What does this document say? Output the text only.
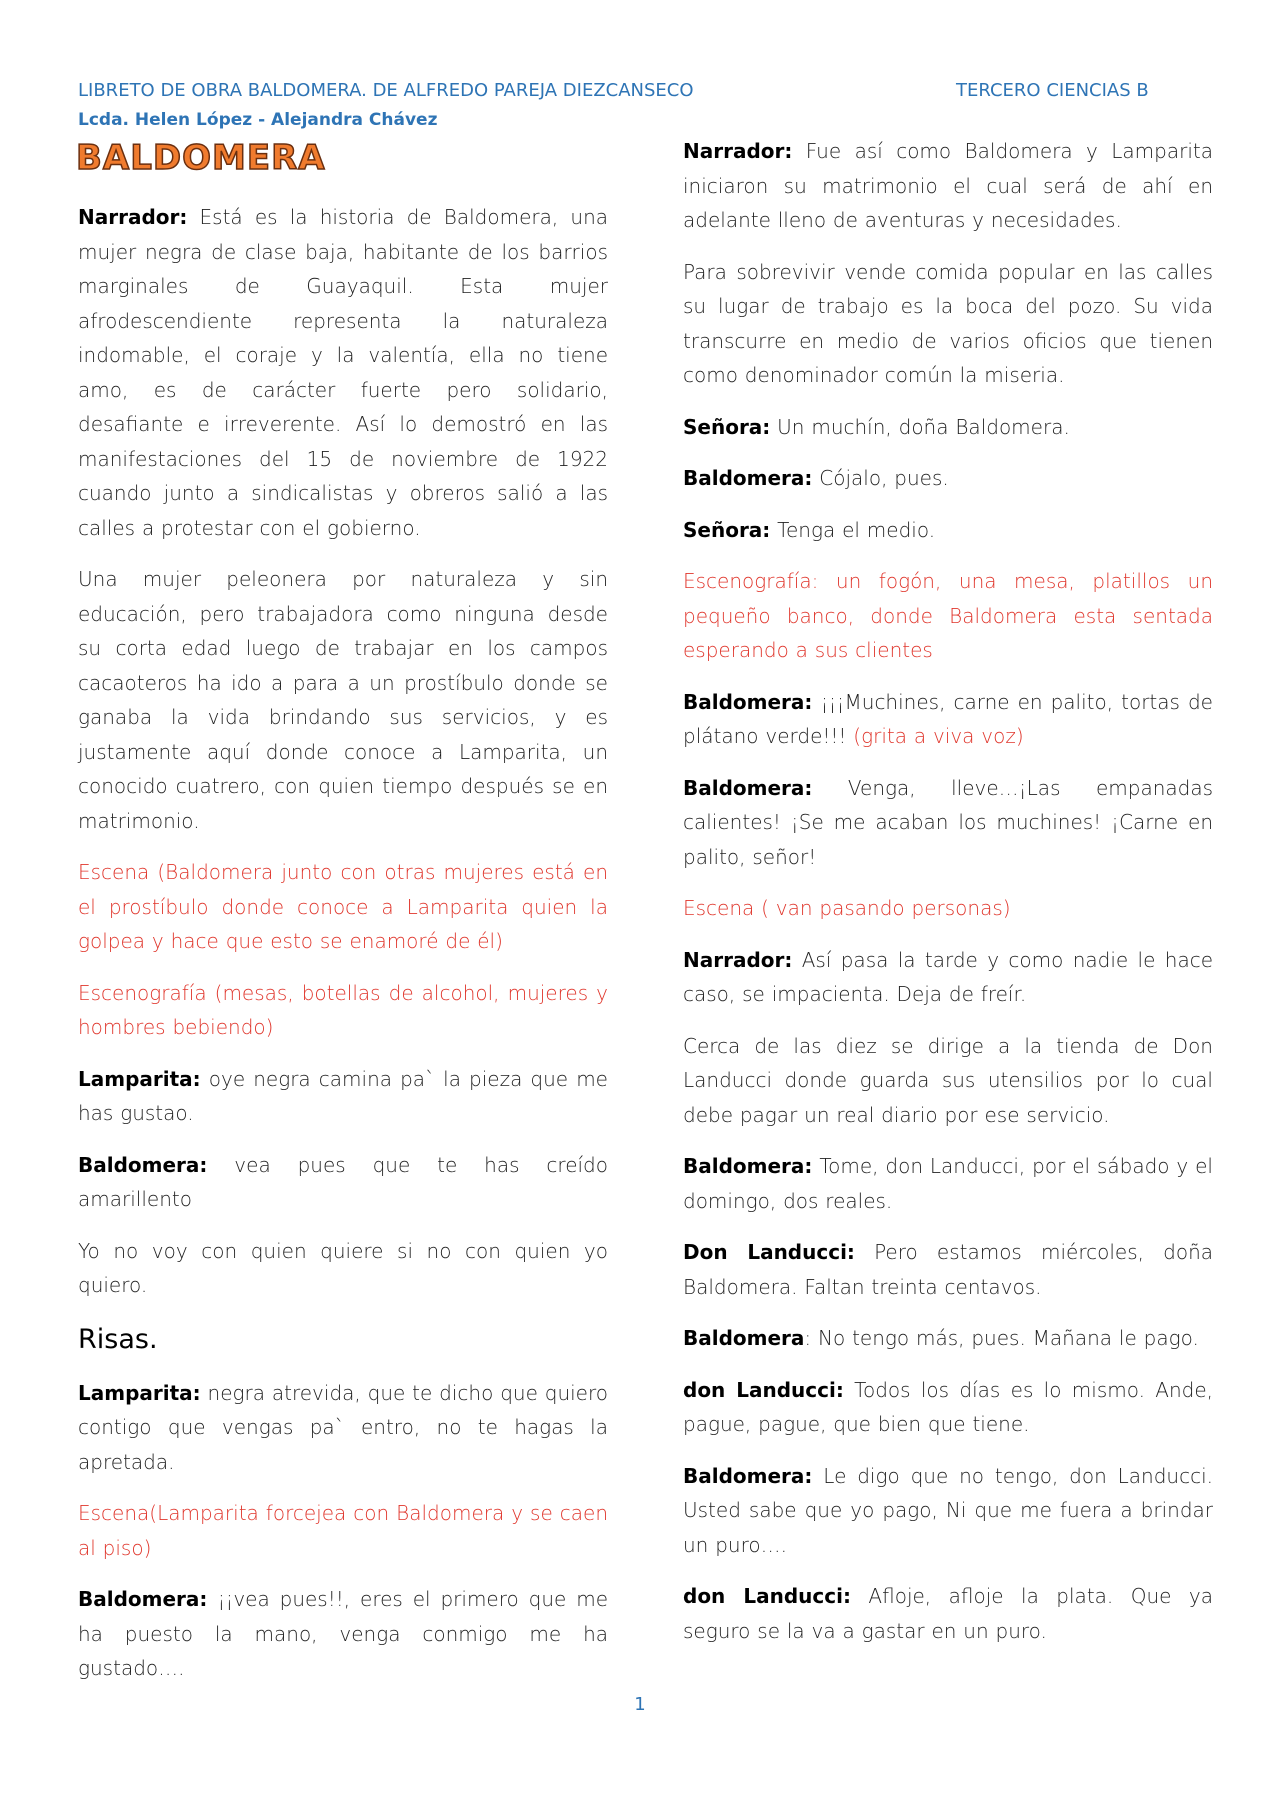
LIBRETO DE OBRA BALDOMERA. DE ALFREDO PAREJA DIEZCANSECO	TERCERO CIENCIAS B
Lcda. Helen López - Alejandra Chávez
BALDOMERA

Narrador: Está es la historia de Baldomera, una mujer negra de clase baja, habitante de los barrios marginales de Guayaquil. Esta mujer afrodescendiente representa la naturaleza indomable, el coraje y la valentía, ella no tiene amo, es de carácter fuerte pero solidario, desafiante e irreverente. Así lo demostró en las manifestaciones del 15 de noviembre de 1922 cuando junto a sindicalistas y obreros salió a las calles a protestar con el gobierno.

Una mujer peleonera por naturaleza y sin educación, pero trabajadora como ninguna desde su corta edad luego de trabajar en los campos cacaoteros ha ido a para a un prostíbulo donde se ganaba la vida brindando sus servicios, y es justamente aquí donde conoce a Lamparita, un conocido cuatrero, con quien tiempo después se en matrimonio.

Escena (Baldomera junto con otras mujeres está en el prostíbulo donde conoce a Lamparita quien la golpea y hace que esto se enamoré de él)

Escenografía (mesas, botellas de alcohol, mujeres y hombres bebiendo)

Lamparita: oye negra camina pa` la pieza que me has gustao.

Baldomera: vea pues que te has creído amarillento

Yo no voy con quien quiere si no con quien yo quiero.

Risas.

Lamparita: negra atrevida, que te dicho que quiero contigo que vengas pa` entro, no te hagas la apretada.

Escena(Lamparita forcejea con Baldomera y se caen al piso)

Baldomera: ¡¡vea pues!!, eres el primero que me ha puesto la mano, venga conmigo me ha gustado….

Narrador: Fue así como Baldomera y Lamparita iniciaron su matrimonio el cual será de ahí en adelante lleno de aventuras y necesidades.

Para sobrevivir vende comida popular en las calles su lugar de trabajo es la boca del pozo. Su vida transcurre en medio de varios oficios que tienen como denominador común la miseria.

Señora: Un muchín, doña Baldomera.

Baldomera: Cójalo, pues.

Señora: Tenga el medio.

Escenografía: un fogón, una mesa, platillos un pequeño banco, donde Baldomera esta sentada esperando a sus clientes

Baldomera: ¡¡¡Muchines, carne en palito, tortas de plátano verde!!! (grita a viva voz)

Baldomera: Venga, lleve…¡Las empanadas calientes! ¡Se me acaban los muchines! ¡Carne en palito, señor!

Escena ( van pasando personas)

Narrador: Así pasa la tarde y como nadie le hace caso, se impacienta. Deja de freír.

Cerca de las diez se dirige a la tienda de Don Landucci donde guarda sus utensilios por lo cual debe pagar un real diario por ese servicio.

Baldomera: Tome, don Landucci, por el sábado y el domingo, dos reales.

Don Landucci: Pero estamos miércoles, doña Baldomera. Faltan treinta centavos.

Baldomera: No tengo más, pues. Mañana le pago.

don Landucci: Todos los días es lo mismo. Ande, pague, pague, que bien que tiene.

Baldomera: Le digo que no tengo, don Landucci. Usted sabe que yo pago, Ni que me fuera a brindar un puro….

don Landucci: Afloje, afloje la plata. Que ya seguro se la va a gastar en un puro.

1
